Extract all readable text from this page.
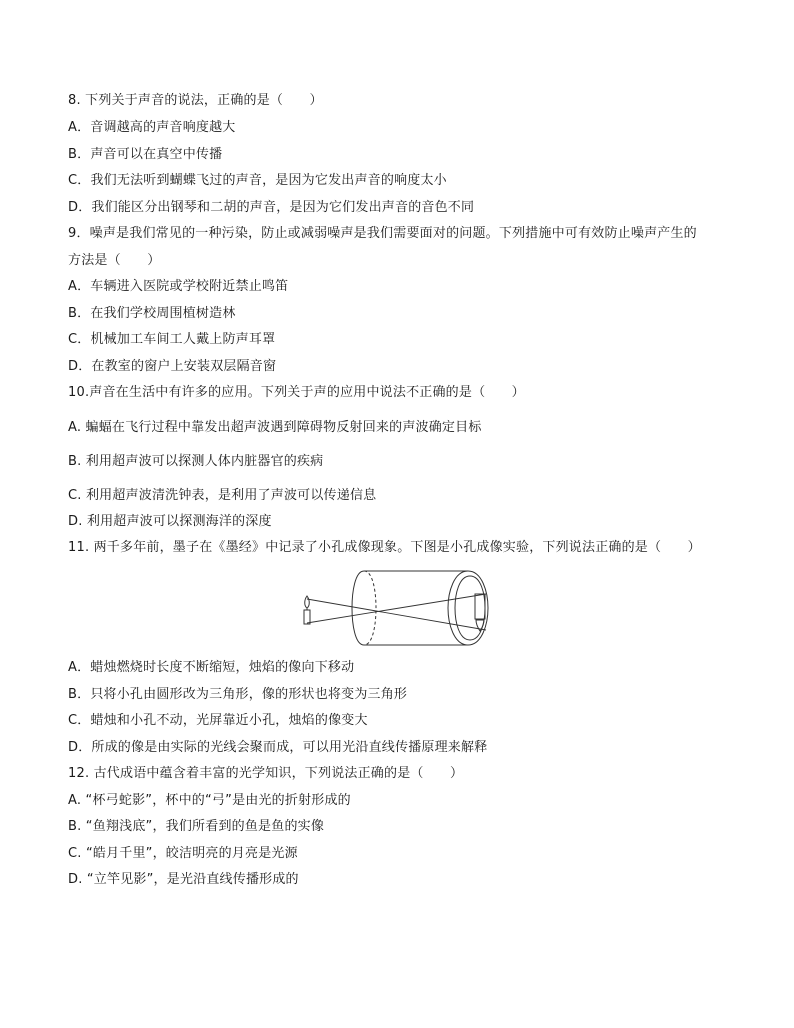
8. 下列关于声音的说法，正确的是（　　）
A．音调越高的声音响度越大
B．声音可以在真空中传播
C．我们无法听到蝴蝶飞过的声音，是因为它发出声音的响度太小
D．我们能区分出钢琴和二胡的声音，是因为它们发出声音的音色不同
9．噪声是我们常见的一种污染，防止或减弱噪声是我们需要面对的问题。下列措施中可有效防止噪声产生的
方法是（　　）
A．车辆进入医院或学校附近禁止鸣笛
B．在我们学校周围植树造林
C．机械加工车间工人戴上防声耳罩
D．在教室的窗户上安装双层隔音窗
10.声音在生活中有许多的应用。下列关于声的应用中说法不正确的是（　　）
A. 蝙蝠在飞行过程中靠发出超声波遇到障碍物反射回来的声波确定目标
B. 利用超声波可以探测人体内脏器官的疾病
C. 利用超声波清洗钟表，是利用了声波可以传递信息
D. 利用超声波可以探测海洋的深度
11. 两千多年前，墨子在《墨经》中记录了小孔成像现象。下图是小孔成像实验，下列说法正确的是（　　）
A．蜡烛燃烧时长度不断缩短，烛焰的像向下移动
B．只将小孔由圆形改为三角形，像的形状也将变为三角形
C．蜡烛和小孔不动，光屏靠近小孔，烛焰的像变大
D．所成的像是由实际的光线会聚而成，可以用光沿直线传播原理来解释
12. 古代成语中蕴含着丰富的光学知识，下列说法正确的是（　　）
A. “杯弓蛇影”，杯中的“弓”是由光的折射形成的
B. “鱼翔浅底”，我们所看到的鱼是鱼的实像
C. “皓月千里”，皎洁明亮的月亮是光源
D. “立竿见影”，是光沿直线传播形成的
